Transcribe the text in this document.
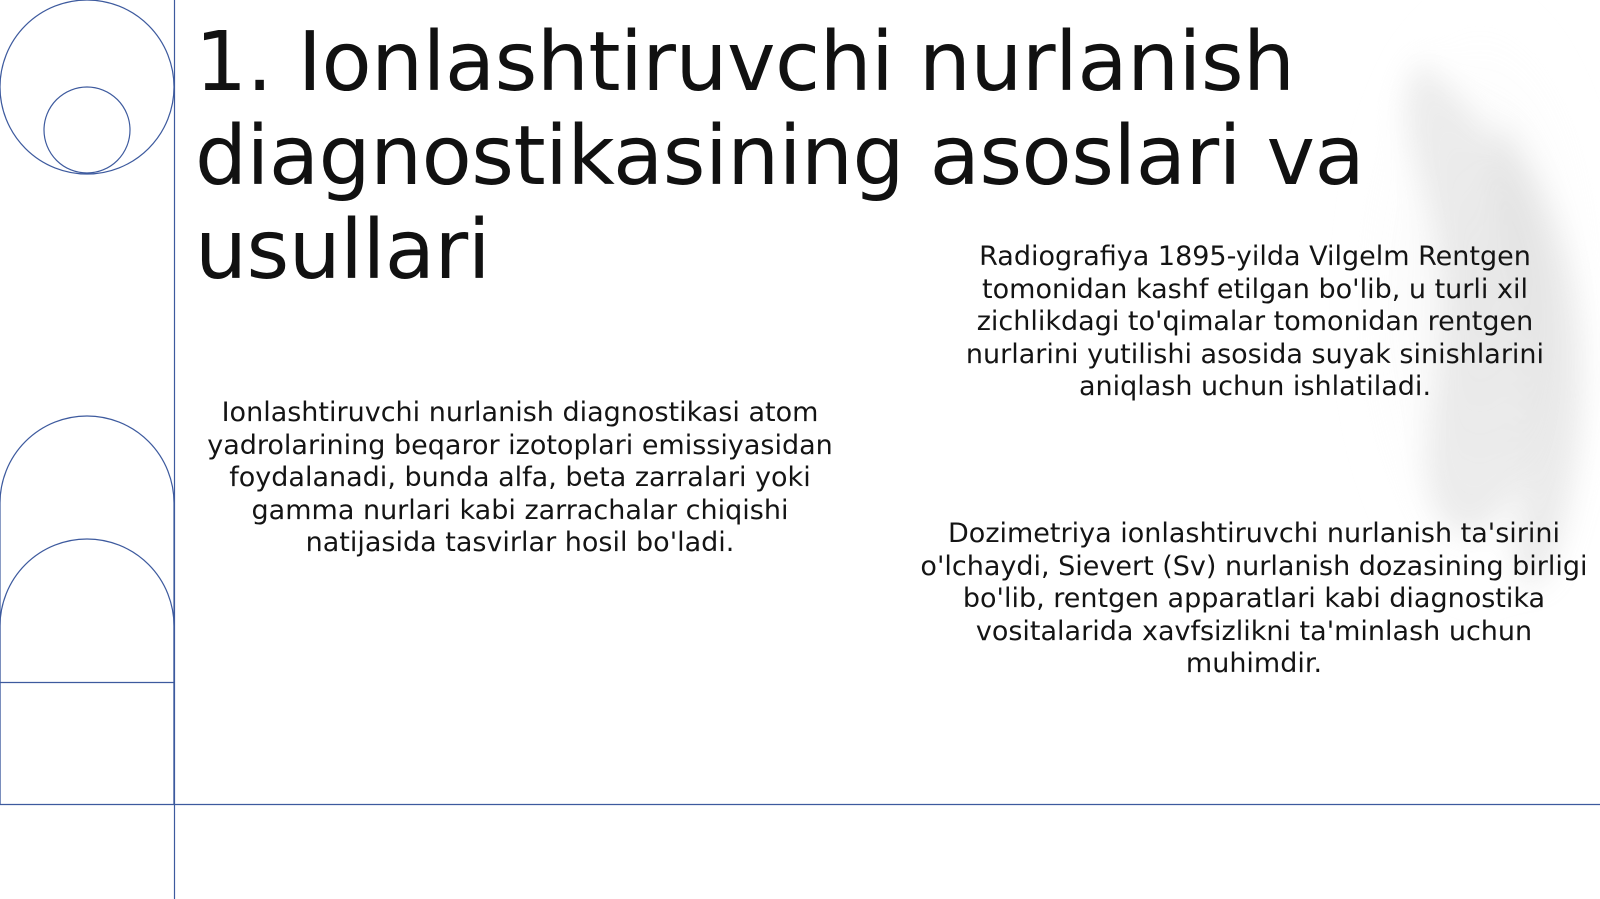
1. Ionlashtiruvchi nurlanish diagnostikasining asoslari va usullari

Ionlashtiruvchi nurlanish diagnostikasi atom yadrolarining beqaror izotoplari emissiyasidan foydalanadi, bunda alfa, beta zarralari yoki gamma nurlari kabi zarrachalar chiqishi natijasida tasvirlar hosil bo'ladi.

Radiografiya 1895-yilda Vilgelm Rentgen tomonidan kashf etilgan bo'lib, u turli xil zichlikdagi to'qimalar tomonidan rentgen nurlarini yutilishi asosida suyak sinishlarini aniqlash uchun ishlatiladi.

Dozimetriya ionlashtiruvchi nurlanish ta'sirini o'lchaydi, Sievert (Sv) nurlanish dozasining birligi bo'lib, rentgen apparatlari kabi diagnostika vositalarida xavfsizlikni ta'minlash uchun muhimdir.
